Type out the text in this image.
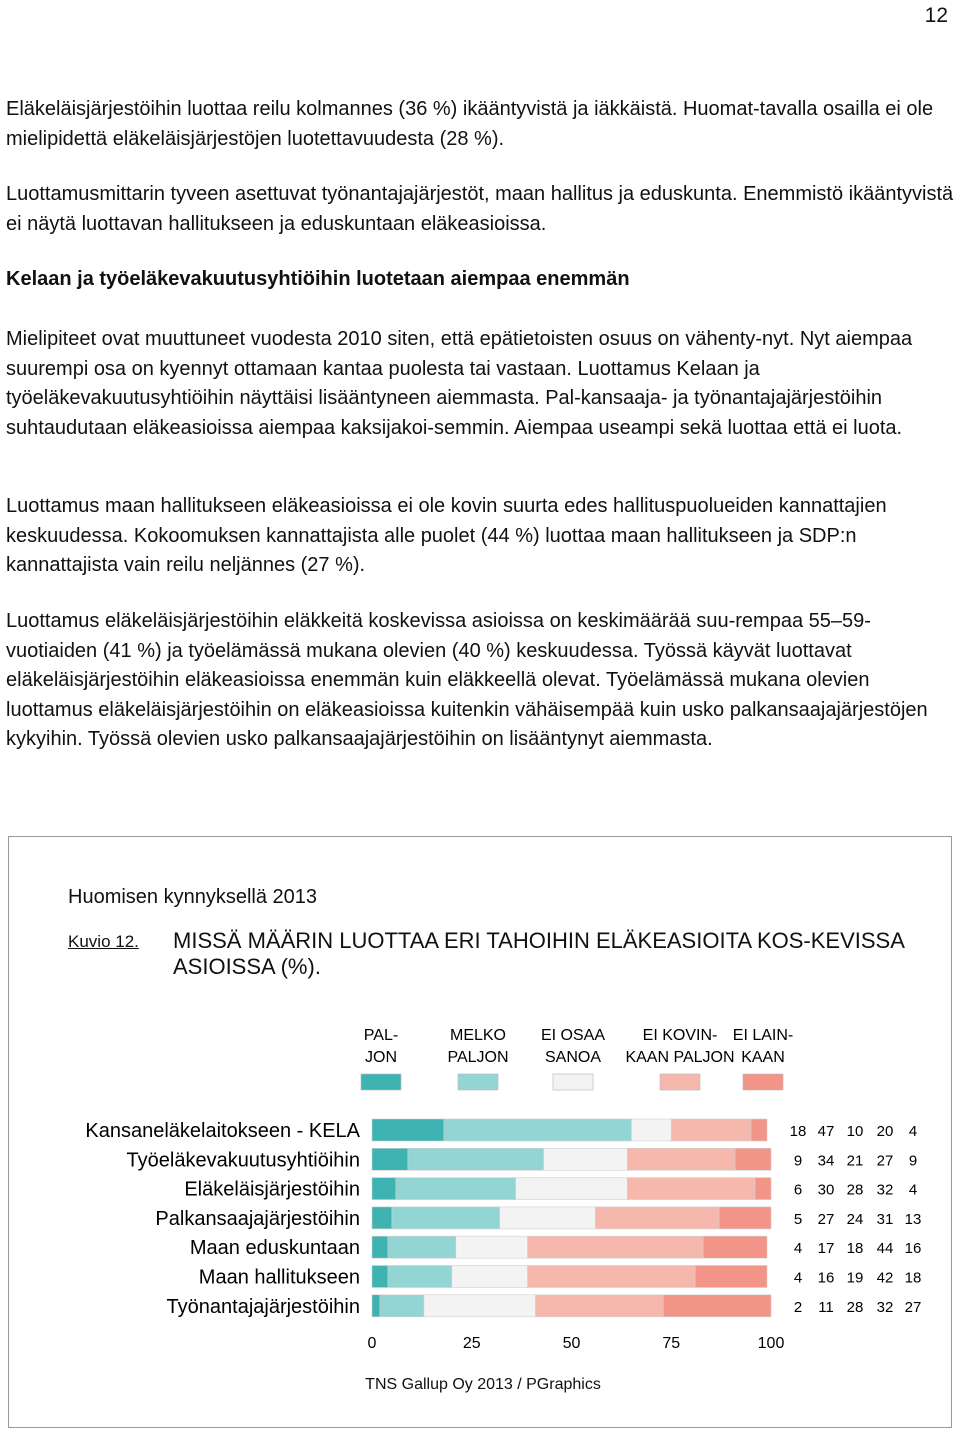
12

Eläkeläisjärjestöihin luottaa reilu kolmannes (36 %) ikääntyvistä ja iäkkäistä. Huomat-tavalla osailla ei ole mielipidettä eläkeläisjärjestöjen luotettavuudesta (28 %).

Luottamusmittarin tyveen asettuvat työnantajajärjestöt, maan hallitus ja eduskunta. Enemmistö ikääntyvistä ei näytä luottavan hallitukseen ja eduskuntaan eläkeasioissa.

Kelaan ja työeläkevakuutusyhtiöihin luotetaan aiempaa enemmän

Mielipiteet ovat muuttuneet vuodesta 2010 siten, että epätietoisten osuus on vähenty-nyt. Nyt aiempaa suurempi osa on kyennyt ottamaan kantaa puolesta tai vastaan. Luottamus Kelaan ja työeläkevakuutusyhtiöihin näyttäisi lisääntyneen aiemmasta. Pal-kansaaja- ja työnantajajärjestöihin suhtaudutaan eläkeasioissa aiempaa kaksijakoi-semmin. Aiempaa useampi sekä luottaa että ei luota.

Luottamus maan hallitukseen eläkeasioissa ei ole kovin suurta edes hallituspuolueiden kannattajien keskuudessa. Kokoomuksen kannattajista alle puolet (44 %) luottaa maan hallitukseen ja SDP:n kannattajista vain reilu neljännes (27 %).

Luottamus eläkeläisjärjestöihin eläkkeitä koskevissa asioissa on keskimäärää suu-rempaa 55–59-vuotiaiden (41 %) ja työelämässä mukana olevien (40 %) keskuudessa. Työssä käyvät luottavat eläkeläisjärjestöihin eläkeasioissa enemmän kuin eläkkeellä olevat. Työelämässä mukana olevien luottamus eläkeläisjärjestöihin on eläkeasioissa kuitenkin vähäisempää kuin usko palkansaajajärjestöjen kykyihin. Työssä olevien usko palkansaajajärjestöihin on lisääntynyt aiemmasta.

Huomisen kynnyksellä 2013
Kuvio 12. MISSÄ MÄÄRIN LUOTTAA ERI TAHOIHIN ELÄKEASIOITA KOS-KEVISSA ASIOISSA (%).
PAL-
JON
MELKO
PALJON
EI OSAA
SANOA
EI KOVIN-
KAAN PALJON
EI LAIN-
KAAN
Kansaneläkelaitokseen - KELA	18 47 10 20 4
Työeläkevakuutusyhtiöihin	9 34 21 27 9
Eläkeläisjärjestöihin	6 30 28 32 4
Palkansaajajärjestöihin	5 27 24 31 13
Maan eduskuntaan	4 17 18 44 16
Maan hallitukseen	4 16 19 42 18
Työnantajajärjestöihin	2 11 28 32 27
0	25	50	75	100
TNS Gallup Oy 2013 / PGraphics
